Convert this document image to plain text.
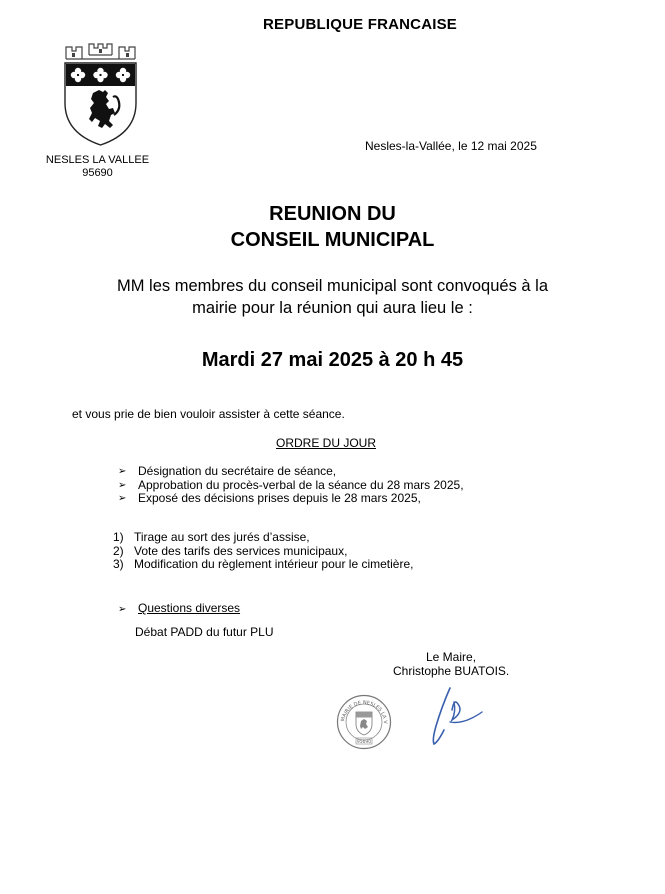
REPUBLIQUE FRANCAISE
NESLES LA VALLEE
95690
Nesles-la-Vallée, le 12 mai 2025
REUNION DU
CONSEIL MUNICIPAL
MM les membres du conseil municipal sont convoqués à la
mairie pour la réunion qui aura lieu le :
Mardi 27 mai 2025 à 20 h 45
et vous prie de bien vouloir assister à cette séance.
ORDRE DU JOUR
➢ Désignation du secrétaire de séance,
➢ Approbation du procès-verbal de la séance du 28 mars 2025,
➢ Exposé des décisions prises depuis le 28 mars 2025,
1) Tirage au sort des jurés d’assise,
2) Vote des tarifs des services municipaux,
3) Modification du règlement intérieur pour le cimetière,
➢ Questions diverses
Débat PADD du futur PLU
Le Maire,
Christophe BUATOIS.
MAIRIE DE NESLES LA V
95690
